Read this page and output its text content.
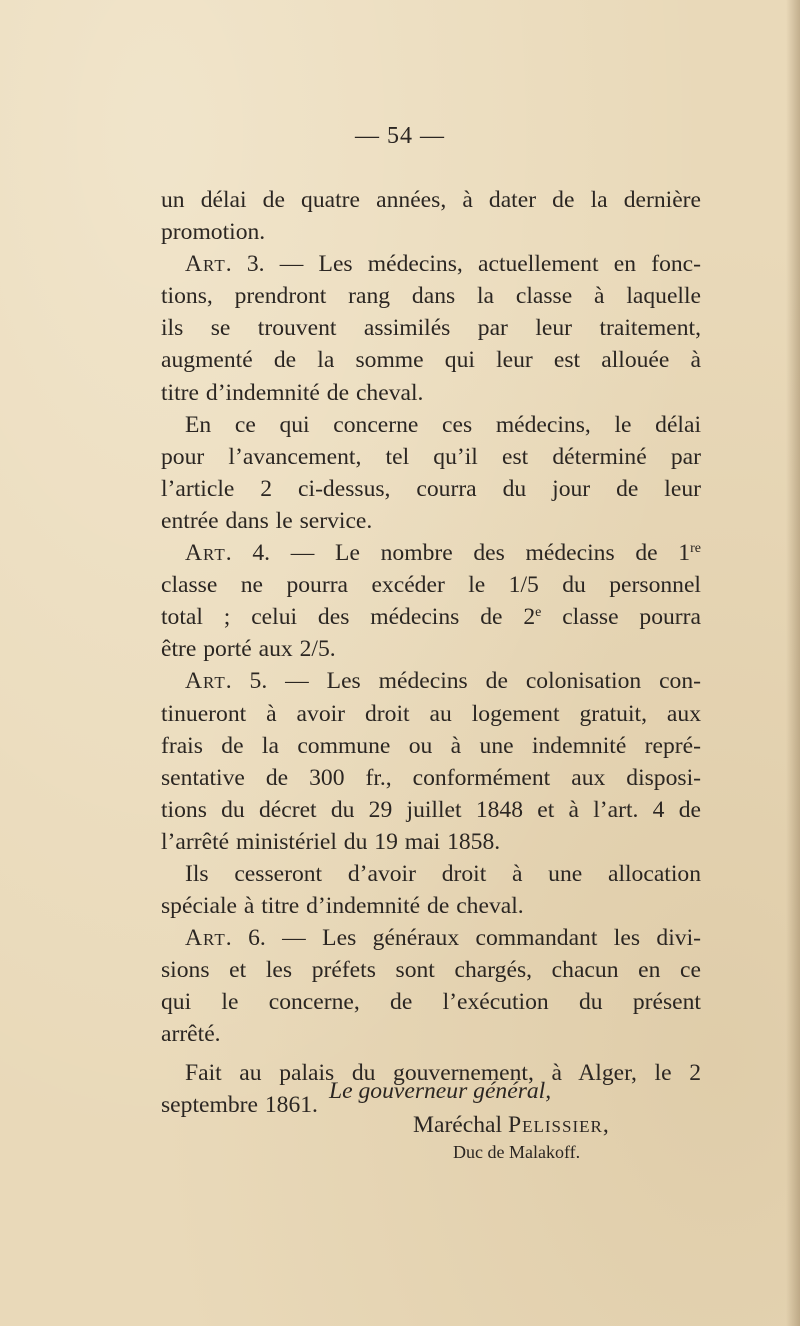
— 54 —

un délai de quatre années, à dater de la dernière

promotion.

Art. 3. — Les médecins, actuellement en fonc-

tions, prendront rang dans la classe à laquelle

ils se trouvent assimilés par leur traitement,

augmenté de la somme qui leur est allouée à

titre d’indemnité de cheval.

En ce qui concerne ces médecins, le délai

pour l’avancement, tel qu’il est déterminé par

l’article 2 ci-dessus, courra du jour de leur

entrée dans le service.

Art. 4. — Le nombre des médecins de 1re

classe ne pourra excéder le 1/5 du personnel

total ; celui des médecins de 2e classe pourra

être porté aux 2/5.

Art. 5. — Les médecins de colonisation con-

tinueront à avoir droit au logement gratuit, aux

frais de la commune ou à une indemnité repré-

sentative de 300 fr., conformément aux disposi-

tions du décret du 29 juillet 1848 et à l’art. 4 de

l’arrêté ministériel du 19 mai 1858.

Ils cesseront d’avoir droit à une allocation

spéciale à titre d’indemnité de cheval.

Art. 6. — Les généraux commandant les divi-

sions et les préfets sont chargés, chacun en ce

qui le concerne, de l’exécution du présent

arrêté.

Fait au palais du gouvernement, à Alger, le 2

septembre 1861.

Le gouverneur général,
Maréchal Pelissier,
Duc de Malakoff.
